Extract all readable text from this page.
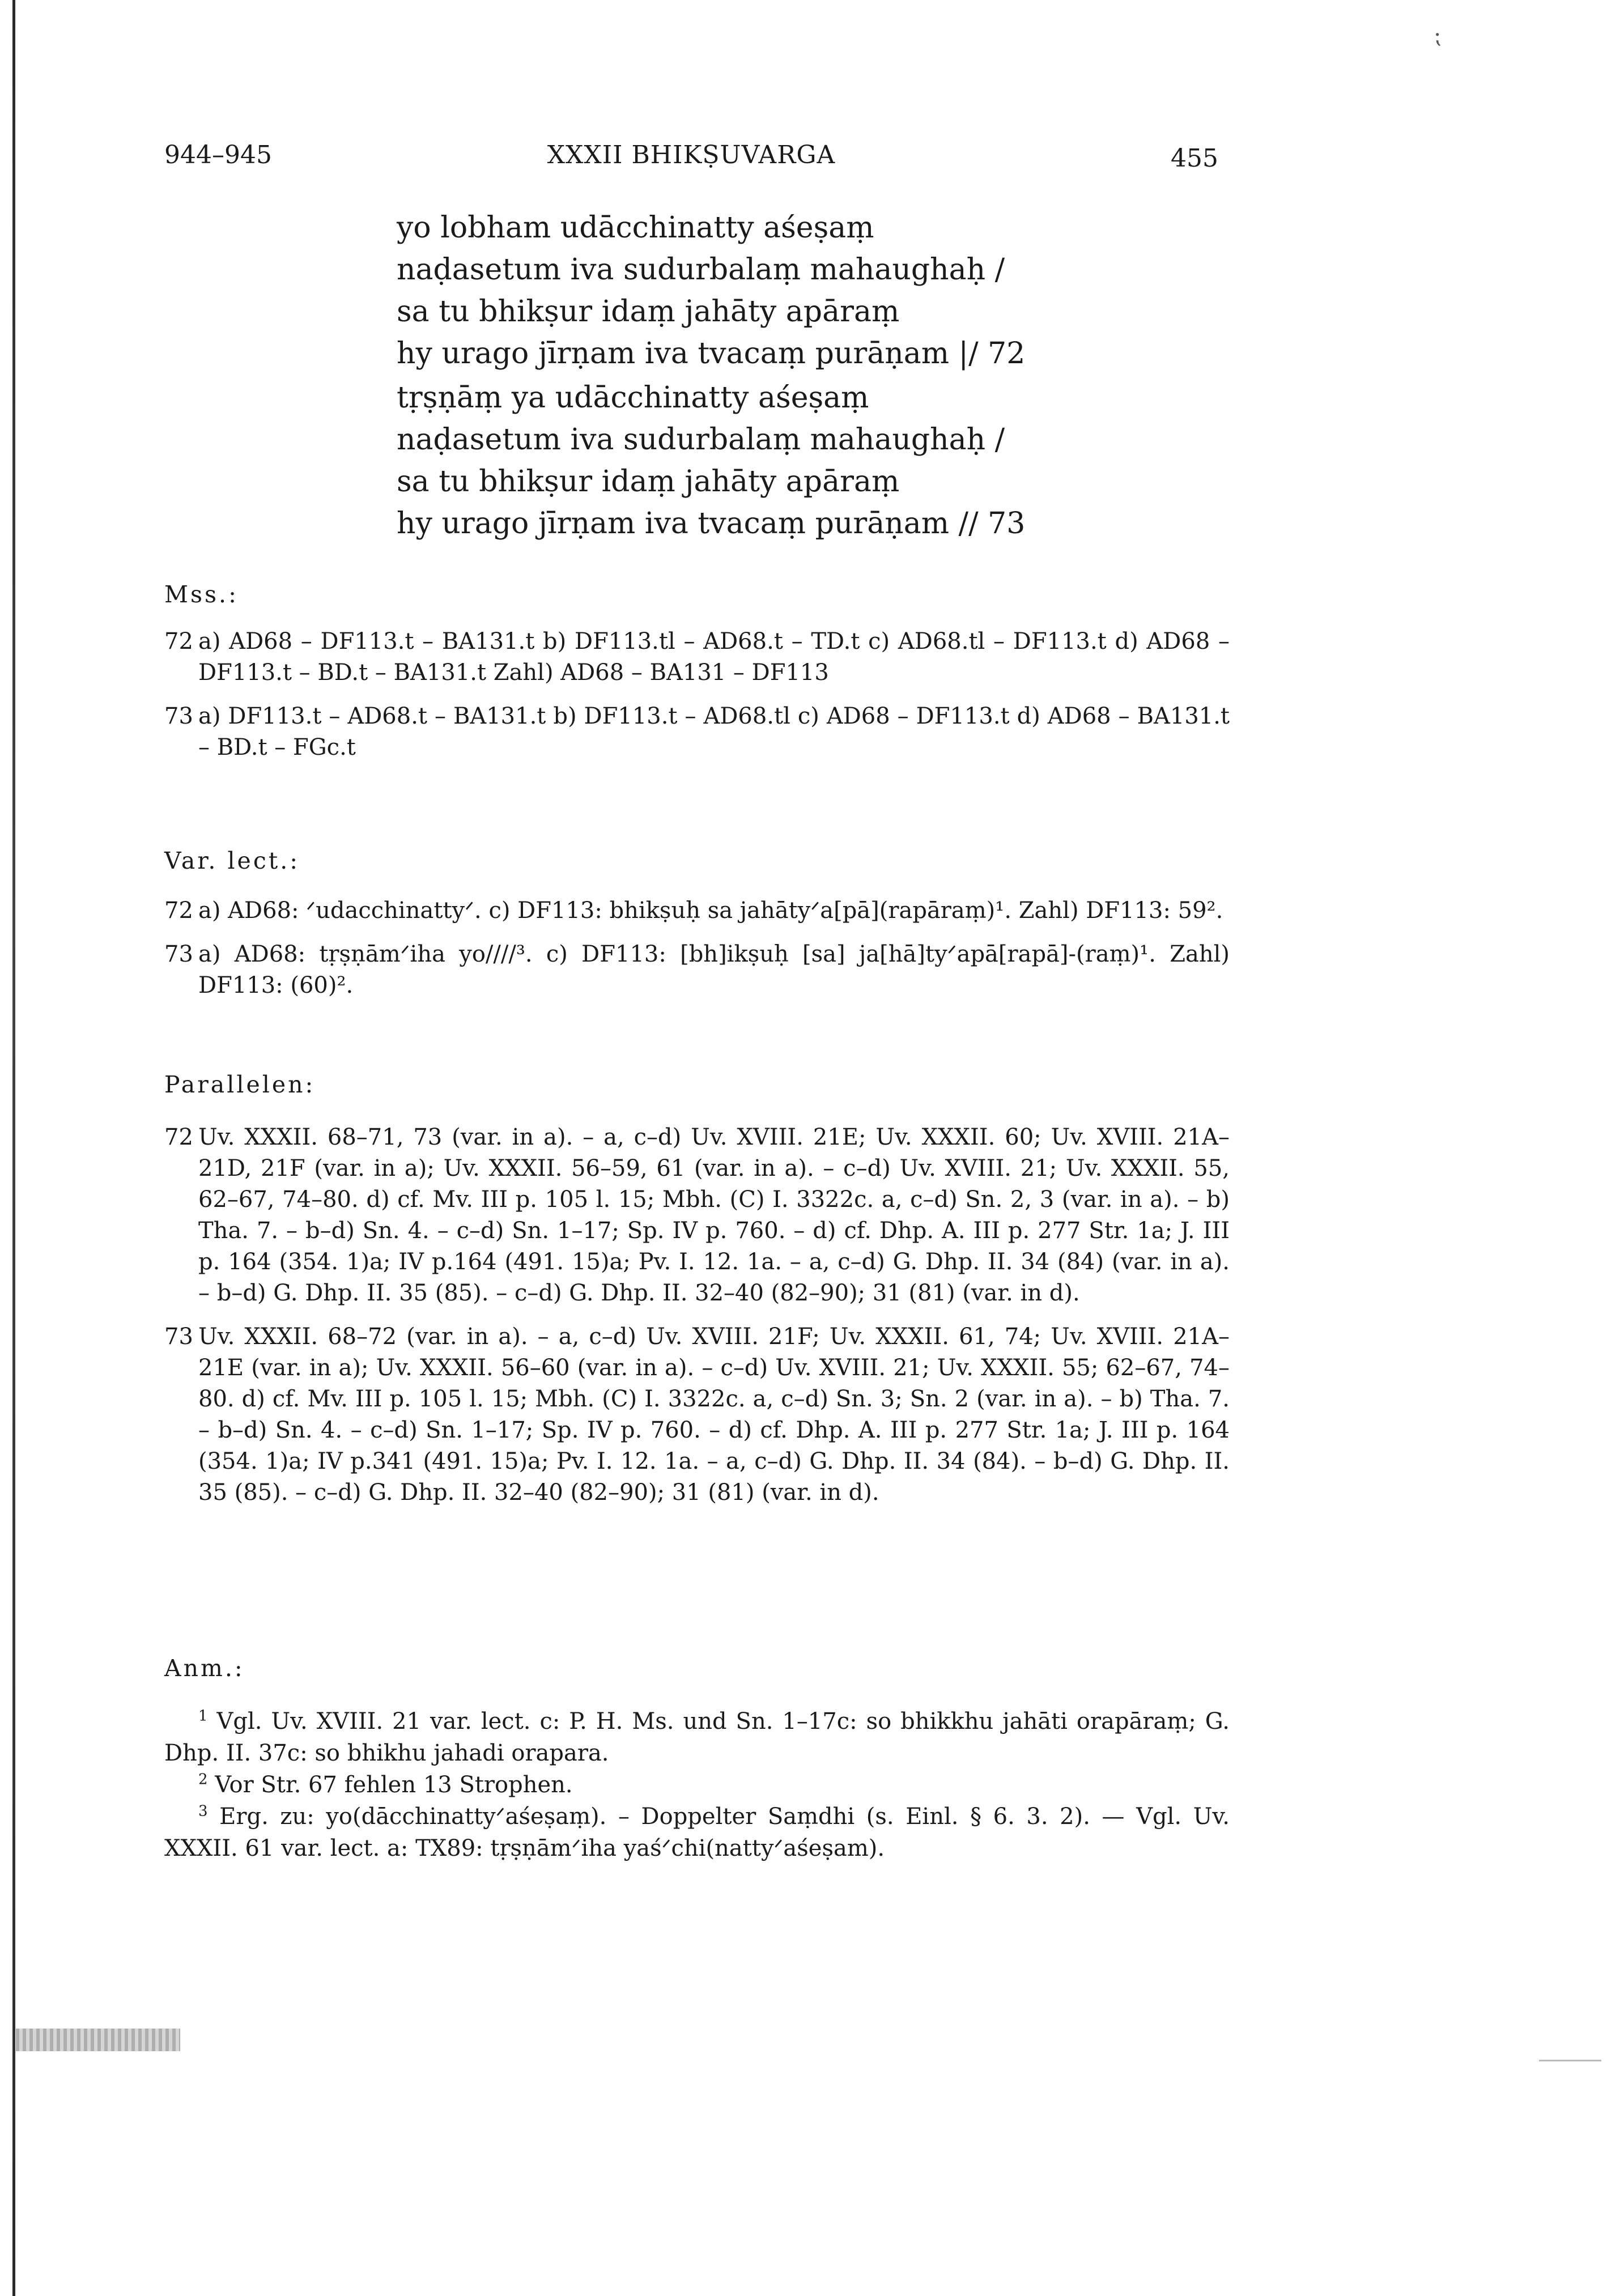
⁏
944–945	XXXII BHIKṢUVARGA	455
yo lobham udācchinatty aśeṣaṃ
naḍasetum iva sudurbalaṃ mahaughaḥ /
sa tu bhikṣur idaṃ jahāty apāraṃ
hy urago jīrṇam iva tvacaṃ purāṇam |/ 72
tṛṣṇāṃ ya udācchinatty aśeṣaṃ
naḍasetum iva sudurbalaṃ mahaughaḥ /
sa tu bhikṣur idaṃ jahāty apāraṃ
hy urago jīrṇam iva tvacaṃ purāṇam // 73
Mss.:
72 a) AD68 – DF113.t – BA131.t b) DF113.tl – AD68.t – TD.t c) AD68.tl – DF113.t d) AD68 – DF113.t – BD.t – BA131.t Zahl) AD68 – BA131 – DF113
73 a) DF113.t – AD68.t – BA131.t b) DF113.t – AD68.tl c) AD68 – DF113.t d) AD68 – BA131.t – BD.t – FGc.t
Var. lect.:
72 a) AD68: ᐟudacchinattyᐟ. c) DF113: bhikṣuḥ sa jahātyᐟa[pā](rapāraṃ)¹. Zahl) DF113: 59².
73 a) AD68: tṛṣṇāmᐟiha yo////³. c) DF113: [bh]ikṣuḥ [sa] ja[hā]tyᐟapā[rapā]-(raṃ)¹. Zahl) DF113: (60)².
Parallelen:
72 Uv. XXXII. 68–71, 73 (var. in a). – a, c–d) Uv. XVIII. 21E; Uv. XXXII. 60; Uv. XVIII. 21A–21D, 21F (var. in a); Uv. XXXII. 56–59, 61 (var. in a). – c–d) Uv. XVIII. 21; Uv. XXXII. 55, 62–67, 74–80. d) cf. Mv. III p. 105 l. 15; Mbh. (C) I. 3322c. a, c–d) Sn. 2, 3 (var. in a). – b) Tha. 7. – b–d) Sn. 4. – c–d) Sn. 1–17; Sp. IV p. 760. – d) cf. Dhp. A. III p. 277 Str. 1a; J. III p. 164 (354. 1)a; IV p.164 (491. 15)a; Pv. I. 12. 1a. – a, c–d) G. Dhp. II. 34 (84) (var. in a). – b–d) G. Dhp. II. 35 (85). – c–d) G. Dhp. II. 32–40 (82–90); 31 (81) (var. in d).
73 Uv. XXXII. 68–72 (var. in a). – a, c–d) Uv. XVIII. 21F; Uv. XXXII. 61, 74; Uv. XVIII. 21A–21E (var. in a); Uv. XXXII. 56–60 (var. in a). – c–d) Uv. XVIII. 21; Uv. XXXII. 55; 62–67, 74–80. d) cf. Mv. III p. 105 l. 15; Mbh. (C) I. 3322c. a, c–d) Sn. 3; Sn. 2 (var. in a). – b) Tha. 7. – b–d) Sn. 4. – c–d) Sn. 1–17; Sp. IV p. 760. – d) cf. Dhp. A. III p. 277 Str. 1a; J. III p. 164 (354. 1)a; IV p.341 (491. 15)a; Pv. I. 12. 1a. – a, c–d) G. Dhp. II. 34 (84). – b–d) G. Dhp. II. 35 (85). – c–d) G. Dhp. II. 32–40 (82–90); 31 (81) (var. in d).
Anm.:
$^1$ Vgl. Uv. XVIII. 21 var. lect. c: P. H. Ms. und Sn. 1–17c: so bhikkhu jahāti orapāraṃ; G. Dhp. II. 37c: so bhikhu jahadi orapara.
$^2$ Vor Str. 67 fehlen 13 Strophen.
$^3$ Erg. zu: yo(dācchinattyᐟaśeṣaṃ). – Doppelter Saṃdhi (s. Einl. § 6. 3. 2). — Vgl. Uv. XXXII. 61 var. lect. a: TX89: tṛṣṇāmᐟiha yaśᐟchi(nattyᐟaśeṣam).
